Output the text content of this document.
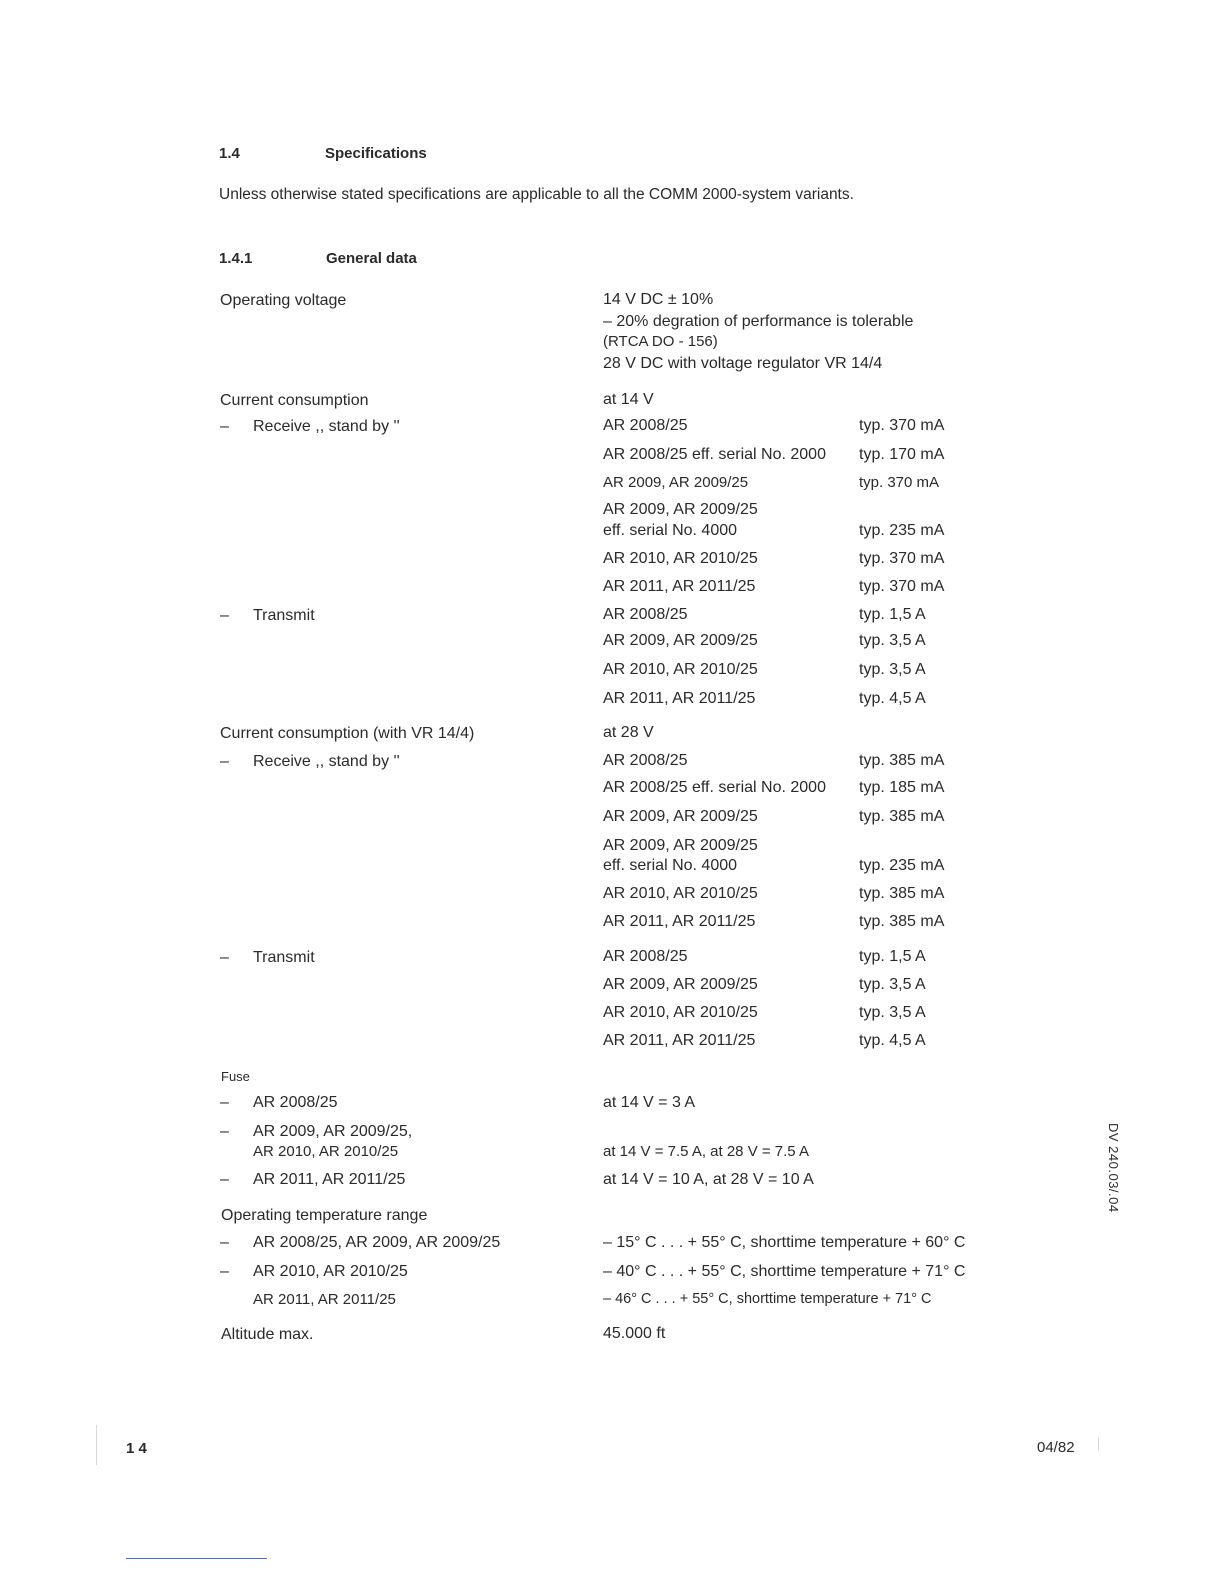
1.4	Specifications
Unless otherwise stated specifications are applicable to all the COMM 2000-system variants.
1.4.1	General data
Operating voltage	14 V DC ± 10%
– 20% degration of performance is tolerable
(RTCA DO - 156)
28 V DC with voltage regulator VR 14/4
Current consumption	at 14 V
– Receive ,, stand by ''	AR 2008/25	typ. 370 mA
AR 2008/25 eff. serial No. 2000 typ. 170 mA
AR 2009, AR 2009/25	typ. 370 mA
AR 2009, AR 2009/25
eff. serial No. 4000	typ. 235 mA
AR 2010, AR 2010/25	typ. 370 mA
AR 2011, AR 2011/25	typ. 370 mA
– Transmit	AR 2008/25	typ. 1,5 A
AR 2009, AR 2009/25	typ. 3,5 A
AR 2010, AR 2010/25	typ. 3,5 A
AR 2011, AR 2011/25	typ. 4,5 A
Current consumption (with VR 14/4)	at 28 V
– Receive ,, stand by ''	AR 2008/25	typ. 385 mA
AR 2008/25 eff. serial No. 2000 typ. 185 mA
AR 2009, AR 2009/25	typ. 385 mA
AR 2009, AR 2009/25
eff. serial No. 4000	typ. 235 mA
AR 2010, AR 2010/25	typ. 385 mA
AR 2011, AR 2011/25	typ. 385 mA
– Transmit	AR 2008/25	typ. 1,5 A
AR 2009, AR 2009/25	typ. 3,5 A
AR 2010, AR 2010/25	typ. 3,5 A
AR 2011, AR 2011/25	typ. 4,5 A
Fuse
– AR 2008/25	at 14 V = 3 A
– AR 2009, AR 2009/25,
AR 2010, AR 2010/25	at 14 V = 7.5 A, at 28 V = 7.5 A
– AR 2011, AR 2011/25	at 14 V = 10 A, at 28 V = 10 A
Operating temperature range
– AR 2008/25, AR 2009, AR 2009/25	– 15° C . . . + 55° C, shorttime temperature + 60° C
– AR 2010, AR 2010/25	– 40° C . . . + 55° C, shorttime temperature + 71° C
AR 2011, AR 2011/25	– 46° C . . . + 55° C, shorttime temperature + 71° C
Altitude max.	45.000 ft
DV 240.03/.04
1 4	04/82
